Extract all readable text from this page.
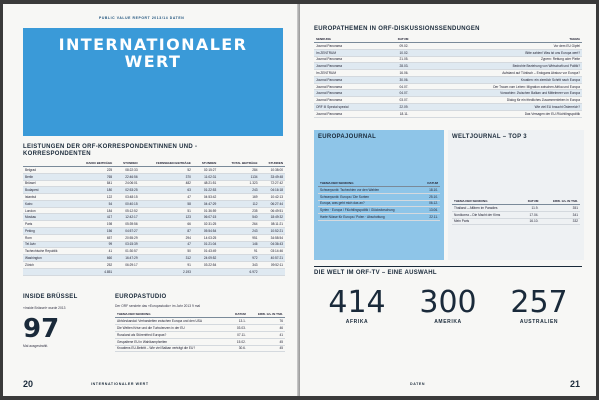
PUBLIC VALUE REPORT 2013/14 DATEN
INTERNATIONALER WERT
LEISTUNGEN DER ORF-KORRESPONDENTINNEN UND -KORRESPONDENTEN
	RADIO BEITRÄGE	STUNDEN	FERNSEHEN BEITRÄGE	STUNDEN	TOTAL BEITRÄGE	STUNDEN
Belgrad	225	08:22:33	52	02:15:27	284	10:38:00
Berlin	765	22:46:56	370	11:02:31	1134	33:49:48
Brüssel	841	24:06:01	482	48:21:51	1.323	72:27:42
Budapest	180	02:53:25	63	01:22:53	243	04:16:18
Istanbul	122	03:48:15	47	04:53:42	169	10:42:13
Kairo	54	00:40:15	58	04:47:29	112	06:27:44
London	184	05:12:52	51	01:36:59	235	06:49:51
Moskau	417	12:42:17	123	06:07:15	540	18:49:32
Paris	198	05:39:56	66	02:31:25	264	08:11:21
Peking	156	04:57:27	87	05:54:54	243	10:52:21
Rom	657	20:55:29	294	14:03:25	951	34:58:54
Tel Aviv	99	03:15:39	47	01:21:04	146	04:36:43
Tschechische Republik	41	01:30:57	50	01:43:49	91	03:14:46
Washington	660	16:47:29	312	24:09:52	972	40:57:21
Zürich	252	06:29:17	91	03:22:54	343	09:52:11
	4.851		2.193		6.972	
INSIDE BRÜSSEL
«Inside Brüssel» wurde 2013
97
Mal ausgestrahlt.
EUROPASTUDIO
Der ORF sendete das «Europastudio» im Jahr 2013 9 mal
THEMA DER SENDUNG	DATUM	ERW. 12+ IN TSD.
Abhörskandal: Verhandelten zwischen Europa und den USA	13.1.	76
Die Welten Krise und die Turbulenzen in der EU	03.03.	46
Russland als Störenfried Europas?	07.11.	41
Gespaltene EU in Wahlkampfzeiten	15.02.	45
Kroatiens EU-Beitritt – Wie viel Balkan verträgt die EU?	30.6.	45
20	INTERNATIONALER WERT
EUROPATHEMEN IN ORF-DISKUSSIONSSENDUNGEN
SENDUNG	DATUM	THEMA
Journal Panorama	09.02.	Vor dem EU Gipfel
Im ZENTRUM	10.02.	Bitte zahlen! Was ist uns Europa wert?
Journal Panorama	21.05.	Zypern: Rettung oder Pleite
Journal Panorama	28.03.	Bedrohte Beziehung von Wirtschaft und Politik?
Im ZENTRUM	16.06.	Aufstand auf Türkisch – Erdogans Absturz vor Europa?
Journal Panorama	30.06.	Kroatien: ein ziemlich Schritt nach Europa
Journal Panorama	04.07.	Der Traum vom Leben: Migration zwischen Afrika und Europa
Journal Panorama	04.07.	Vorwahlen: Zwischen Balkan und Mittelmeer von Europa
Journal Panorama	03.07.	Dialog für ein friedliches Zusammenleben in Europa
ORF III Spezial spezial	22.09.	Wie viel EU braucht Österreich?
Journal Panorama	18.11.	Das Versagen der EU-Flüchtlingspolitik
EUROPAJOURNAL
THEMA DER SENDUNG	DATUM
Schwerpunkt: Tschechien vor den Wahlen	18.10.
Schwerpunkt: Europa / Die Sorben	25.10.
Europa, was geht mich das an?	06.12.
Syrien · Europa / Flüchtlingspolitik / Glücksforschung	13.06.
Harte Nüsse für Europa / Polen · Abschottung	22.11.
WELTJOURNAL – TOP 3
THEMA DER SENDUNG	DATUM	ERW. 12+ IN TSD.
Thailand – Affären im Paradies	11.9.	351
Nordkorea – Die Macht der Kims	17.04.	341
Mein Paris	16.10.	332
DIE WELT IM ORF-TV – EINE AUSWAHL
414
AFRIKA
300
AMERIKA
257
AUSTRALIEN
DATEN	21
